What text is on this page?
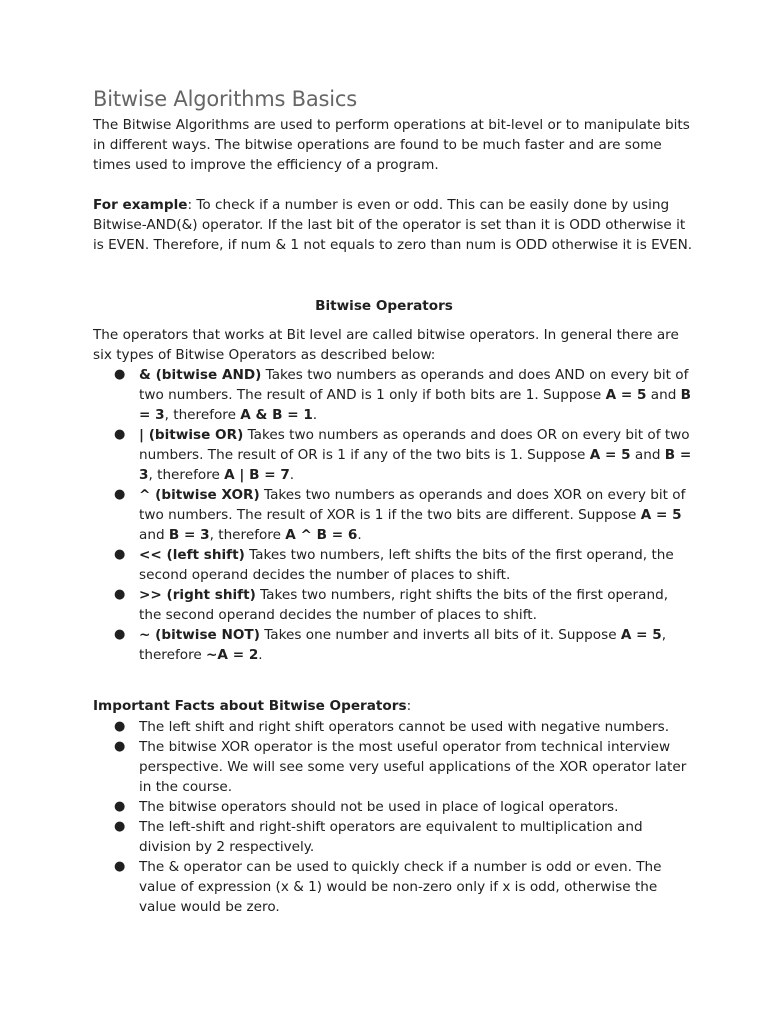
Bitwise Algorithms Basics

The Bitwise Algorithms are used to perform operations at bit-level or to manipulate bits in different ways. The bitwise operations are found to be much faster and are some times used to improve the efficiency of a program.

For example: To check if a number is even or odd. This can be easily done by using Bitwise-AND(&) operator. If the last bit of the operator is set than it is ODD otherwise it is EVEN. Therefore, if num & 1 not equals to zero than num is ODD otherwise it is EVEN.

Bitwise Operators

The operators that works at Bit level are called bitwise operators. In general there are six types of Bitwise Operators as described below:

● & (bitwise AND) Takes two numbers as operands and does AND on every bit of two numbers. The result of AND is 1 only if both bits are 1. Suppose A = 5 and B = 3, therefore A & B = 1.
● | (bitwise OR) Takes two numbers as operands and does OR on every bit of two numbers. The result of OR is 1 if any of the two bits is 1. Suppose A = 5 and B = 3, therefore A | B = 7.
● ^ (bitwise XOR) Takes two numbers as operands and does XOR on every bit of two numbers. The result of XOR is 1 if the two bits are different. Suppose A = 5 and B = 3, therefore A ^ B = 6.
● << (left shift) Takes two numbers, left shifts the bits of the first operand, the second operand decides the number of places to shift.
● >> (right shift) Takes two numbers, right shifts the bits of the first operand, the second operand decides the number of places to shift.
● ~ (bitwise NOT) Takes one number and inverts all bits of it. Suppose A = 5, therefore ~A = 2.

Important Facts about Bitwise Operators:

● The left shift and right shift operators cannot be used with negative numbers.
● The bitwise XOR operator is the most useful operator from technical interview perspective. We will see some very useful applications of the XOR operator later in the course.
● The bitwise operators should not be used in place of logical operators.
● The left-shift and right-shift operators are equivalent to multiplication and division by 2 respectively.
● The & operator can be used to quickly check if a number is odd or even. The value of expression (x & 1) would be non-zero only if x is odd, otherwise the value would be zero.
